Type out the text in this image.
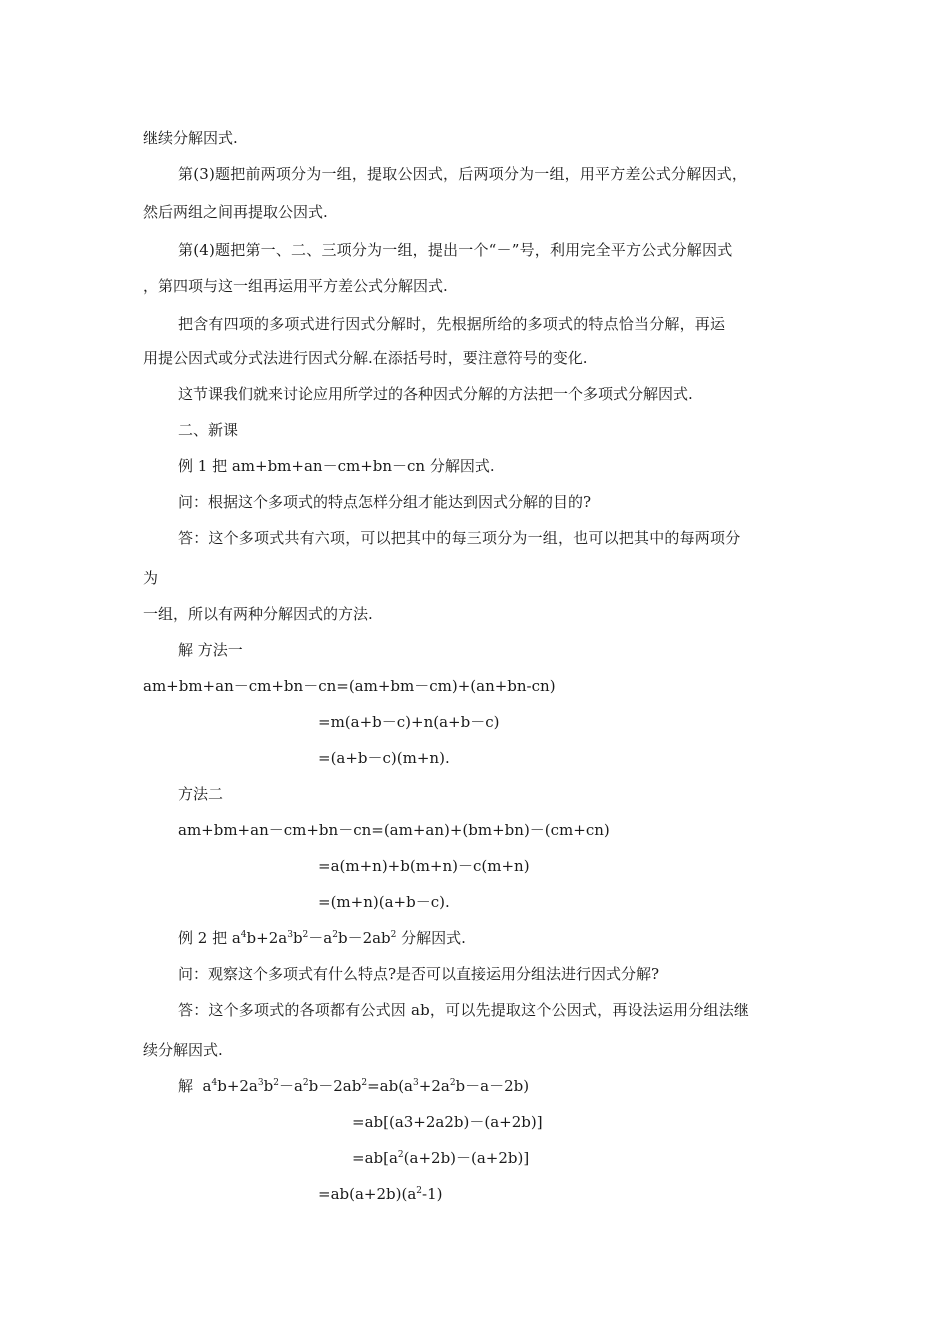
继续分解因式.
第(3)题把前两项分为一组，提取公因式，后两项分为一组，用平方差公式分解因式，
然后两组之间再提取公因式.
第(4)题把第一、二、三项分为一组，提出一个“－”号，利用完全平方公式分解因式
，第四项与这一组再运用平方差公式分解因式.
把含有四项的多项式进行因式分解时，先根据所给的多项式的特点恰当分解，再运
用提公因式或分式法进行因式分解.在添括号时，要注意符号的变化.
这节课我们就来讨论应用所学过的各种因式分解的方法把一个多项式分解因式.
二、新课
例 1 把 am+bm+an－cm+bn－cn 分解因式.
问：根据这个多项式的特点怎样分组才能达到因式分解的目的?
答：这个多项式共有六项，可以把其中的每三项分为一组，也可以把其中的每两项分
为
一组，所以有两种分解因式的方法.
解 方法一
am+bm+an－cm+bn－cn=(am+bm－cm)+(an+bn-cn)
=m(a+b－c)+n(a+b－c)
=(a+b－c)(m+n).
方法二
am+bm+an－cm+bn－cn=(am+an)+(bm+bn)－(cm+cn)
=a(m+n)+b(m+n)－c(m+n)
=(m+n)(a+b－c).
例 2 把 $a^4b+2a^3b^2-a^2b-2ab^2$ 分解因式.
问：观察这个多项式有什么特点?是否可以直接运用分组法进行因式分解?
答：这个多项式的各项都有公式因 ab，可以先提取这个公因式，再设法运用分组法继
续分解因式.
解  $a^4b+2a^3b^2-a^2b-2ab^2=ab(a^3+2a^2b-a-2b)$
=ab[(a3+2a2b)－(a+2b)]
$=ab[a^2(a+2b)-(a+2b)]$
$=ab(a+2b)(a^2-1)$
